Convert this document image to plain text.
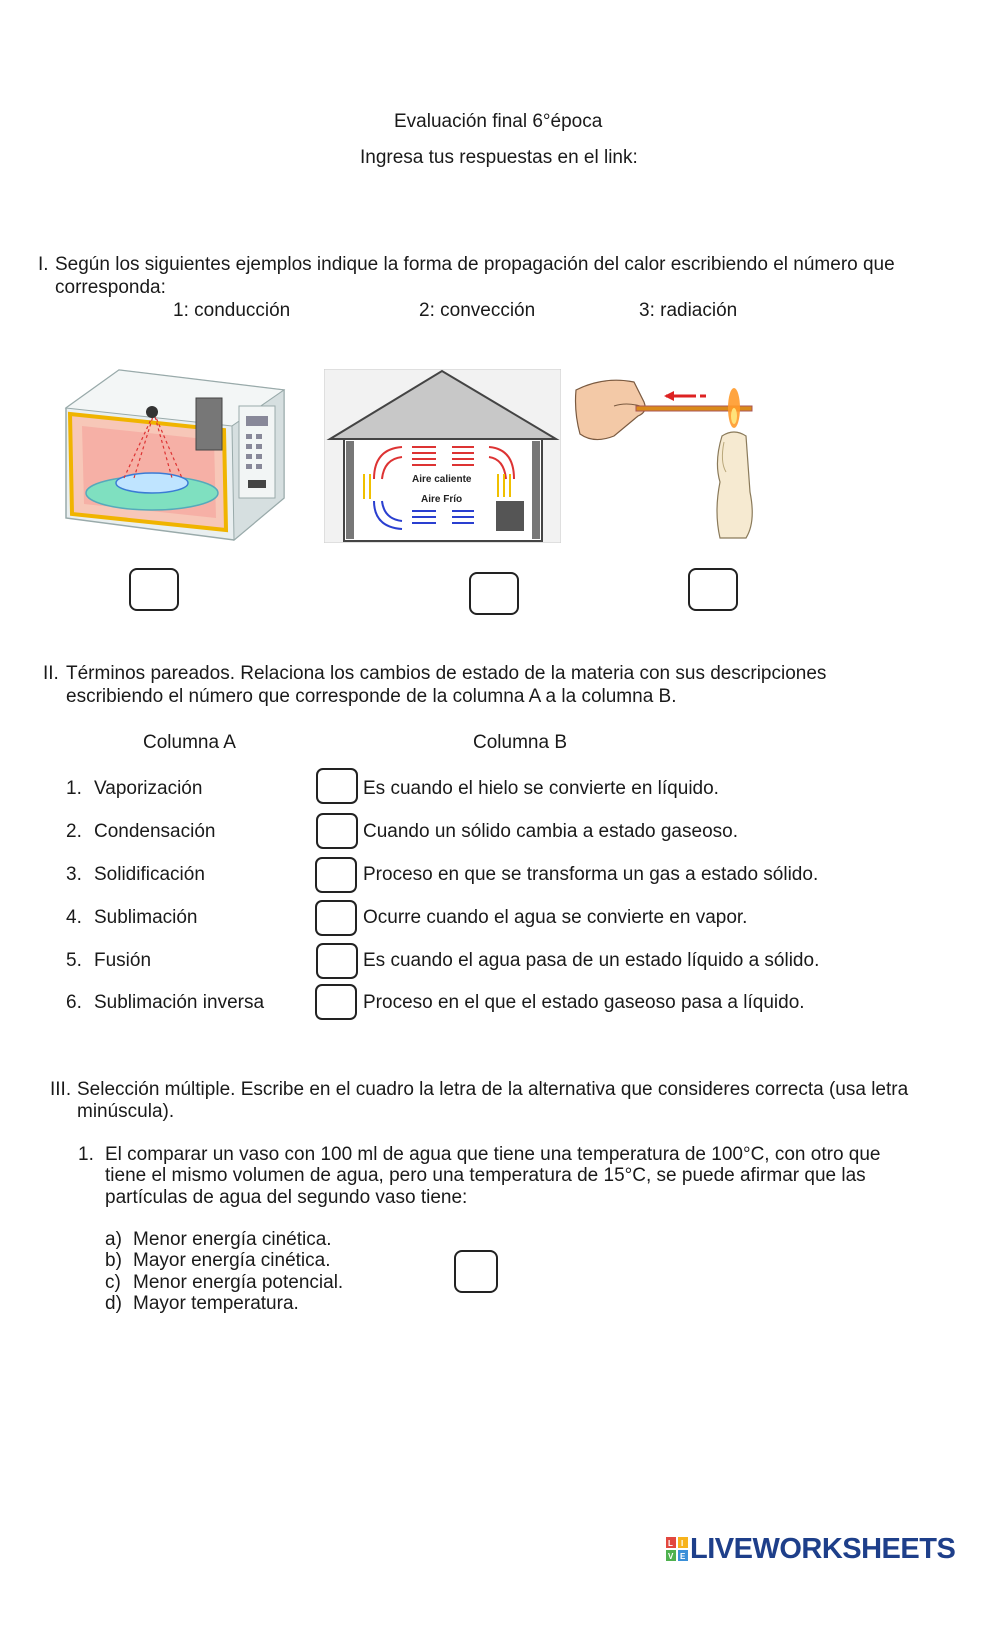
Evaluación final 6°época
Ingresa tus respuestas en el link:
I. Según los siguientes ejemplos indique la forma de propagación del calor escribiendo el número que
corresponda:
1: conducción	2: convección	3: radiación
Aire caliente
Aire Frío
II. Términos pareados. Relaciona los cambios de estado de la materia con sus descripciones
escribiendo el número que corresponde de la columna A a la columna B.
Columna A	Columna B
1. Vaporización	Es cuando el hielo se convierte en líquido.
2. Condensación	Cuando un sólido cambia a estado gaseoso.
3. Solidificación	Proceso en que se transforma un gas a estado sólido.
4. Sublimación	Ocurre cuando el agua se convierte en vapor.
5. Fusión	Es cuando el agua pasa de un estado líquido a sólido.
6. Sublimación inversa	Proceso en el que el estado gaseoso pasa a líquido.
III. Selección múltiple. Escribe en el cuadro la letra de la alternativa que consideres correcta (usa letra
minúscula).
1. El comparar un vaso con 100 ml de agua que tiene una temperatura de 100°C, con otro que
tiene el mismo volumen de agua, pero una temperatura de 15°C, se puede afirmar que las
partículas de agua del segundo vaso tiene:
a) Menor energía cinética.
b) Mayor energía cinética.
c) Menor energía potencial.
d) Mayor temperatura.
L I
V E LIVEWORKSHEETS
